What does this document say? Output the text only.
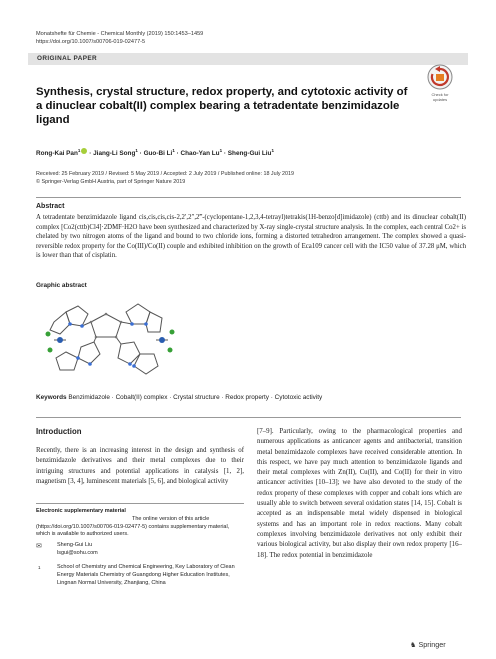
Monatshefte für Chemie - Chemical Monthly (2019) 150:1453–1459
https://doi.org/10.1007/s00706-019-02477-5
ORIGINAL PAPER
Check for
updates
Synthesis, crystal structure, redox property, and cytotoxic activity of a dinuclear cobalt(II) complex bearing a tetradentate benzimidazole ligand
Rong-Kai Pan$^1$ · Jiang-Li Song$^1$ · Guo-Bi $Li^1$ · Chao-Yan $Lu^1$ · Sheng-Gui Liu$^1$
Received: 25 February 2019 / Revised: 5 May 2019 / Accepted: 2 July 2019 / Published online: 18 July 2019
© Springer-Verlag GmbH Austria, part of Springer Nature 2019
Abstract
A tetradentate benzimidazole ligand cis,cis,cis,cis-2,2′,2″,2‴-(cyclopentane-1,2,3,4-tetrayl)tetrakis(1H-benzo[d]imidazole) (cttb) and its dinuclear cobalt(II) complex [Co2(cttb)Cl4]·2DMF·H2O have been synthesized and characterized by X-ray single-crystal structure analysis. In the complex, each central Co2+ is chelated by two nitrogen atoms of the ligand and bound to two chloride ions, forming a distorted tetrahedron arrangement. The complex showed a quasi-reversible redox property for the Co(III)/Co(II) couple and exhibited inhibition on the growth of Eca109 cancer cell with the IC50 value of 37.28 μM, which is lower than that of cisplatin.
Graphic abstract
Keywords Benzimidazole · Cobalt(II) complex · Crystal structure · Redox property · Cytotoxic activity
Introduction
Recently, there is an increasing interest in the design and synthesis of benzimidazole derivatives and their metal complexes due to their intriguing structures and potential applications in catalysis [1, 2], magnetism [3, 4], luminescent materials [5, 6], and biological activity
[7–9]. Particularly, owing to the pharmacological properties and numerous applications as anticancer agents and antibacterial, transition metal benzimidazole complexes have received considerable attention. In this respect, we have pay much attention to benzimidazole ligands and their metal complexes with Zn(II), Cu(II), and Co(II) for their in vitro anticancer activities [10–13]; we have also devoted to the study of the redox property of these complexes with copper and cobalt ions which are usually able to switch between several oxidation states [14, 15]. Cobalt is accepted as an indispensable metal widely dispensed in biological systems and has an important role in redox reactions. Many cobalt complexes involving benzimidazole derivatives not only exhibit their various biological activity, but also display their own redox property [16–18]. The redox potential in benzimidazole
Electronic supplementary material
The online version of this article (https://doi.org/10.1007/s00706-019-02477-5) contains supplementary material, which is available to authorized users.
✉	Sheng-Gui Liu
lsgui@sohu.com
1	School of Chemistry and Chemical Engineering, Key Laboratory of Clean Energy Materials Chemistry of Guangdong Higher Education Institutes, Lingnan Normal University, Zhanjiang, China
♞ Springer
